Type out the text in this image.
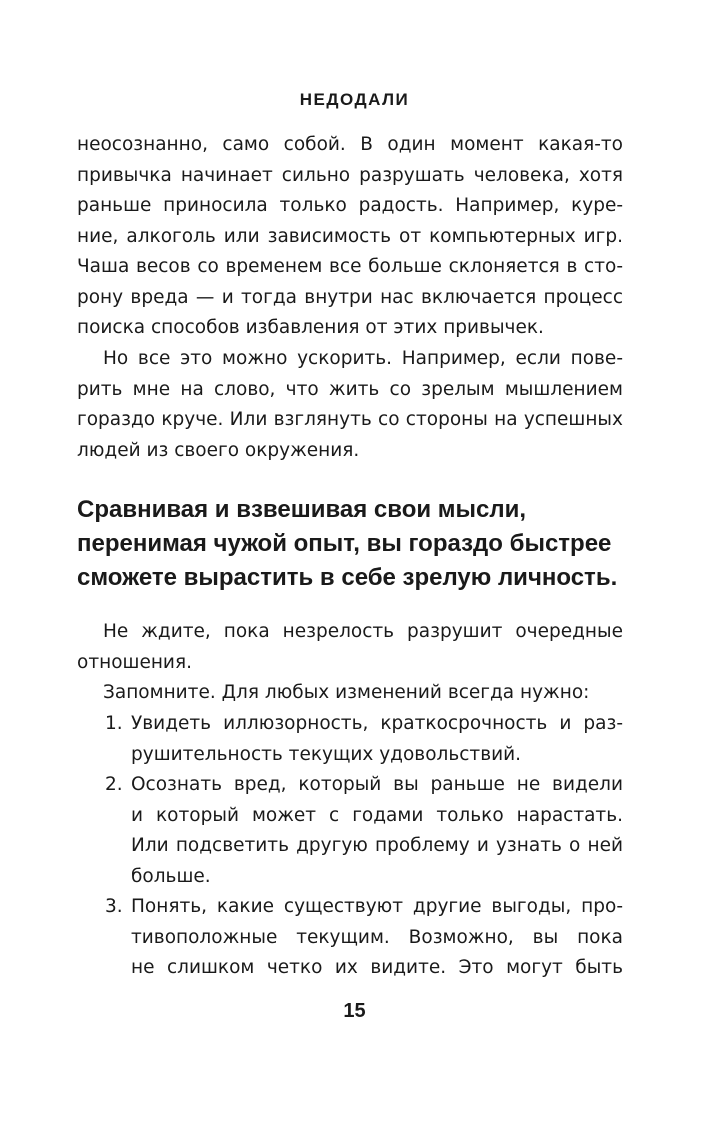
НЕДОДАЛИ

неосознанно, само собой. В один момент какая-то
привычка начинает сильно разрушать человека, хотя
раньше приносила только радость. Например, куре-
ние, алкоголь или зависимость от компьютерных игр.
Чаша весов со временем все больше склоняется в сто-
рону вреда — и тогда внутри нас включается процесс
поиска способов избавления от этих привычек.

Но все это можно ускорить. Например, если пове-
рить мне на слово, что жить со зрелым мышлением
гораздо круче. Или взглянуть со стороны на успешных
людей из своего окружения.

Сравнивая и взвешивая свои мысли,
перенимая чужой опыт, вы гораздо быстрее
сможете вырастить в себе зрелую личность.

Не ждите, пока незрелость разрушит очередные
отношения.

Запомните. Для любых изменений всегда нужно:

1. Увидеть иллюзорность, краткосрочность и раз-
рушительность текущих удовольствий.
2. Осознать вред, который вы раньше не видели
и который может с годами только нарастать.
Или подсветить другую проблему и узнать о ней
больше.
3. Понять, какие существуют другие выгоды, про-
тивоположные текущим. Возможно, вы пока
не слишком четко их видите. Это могут быть
15
